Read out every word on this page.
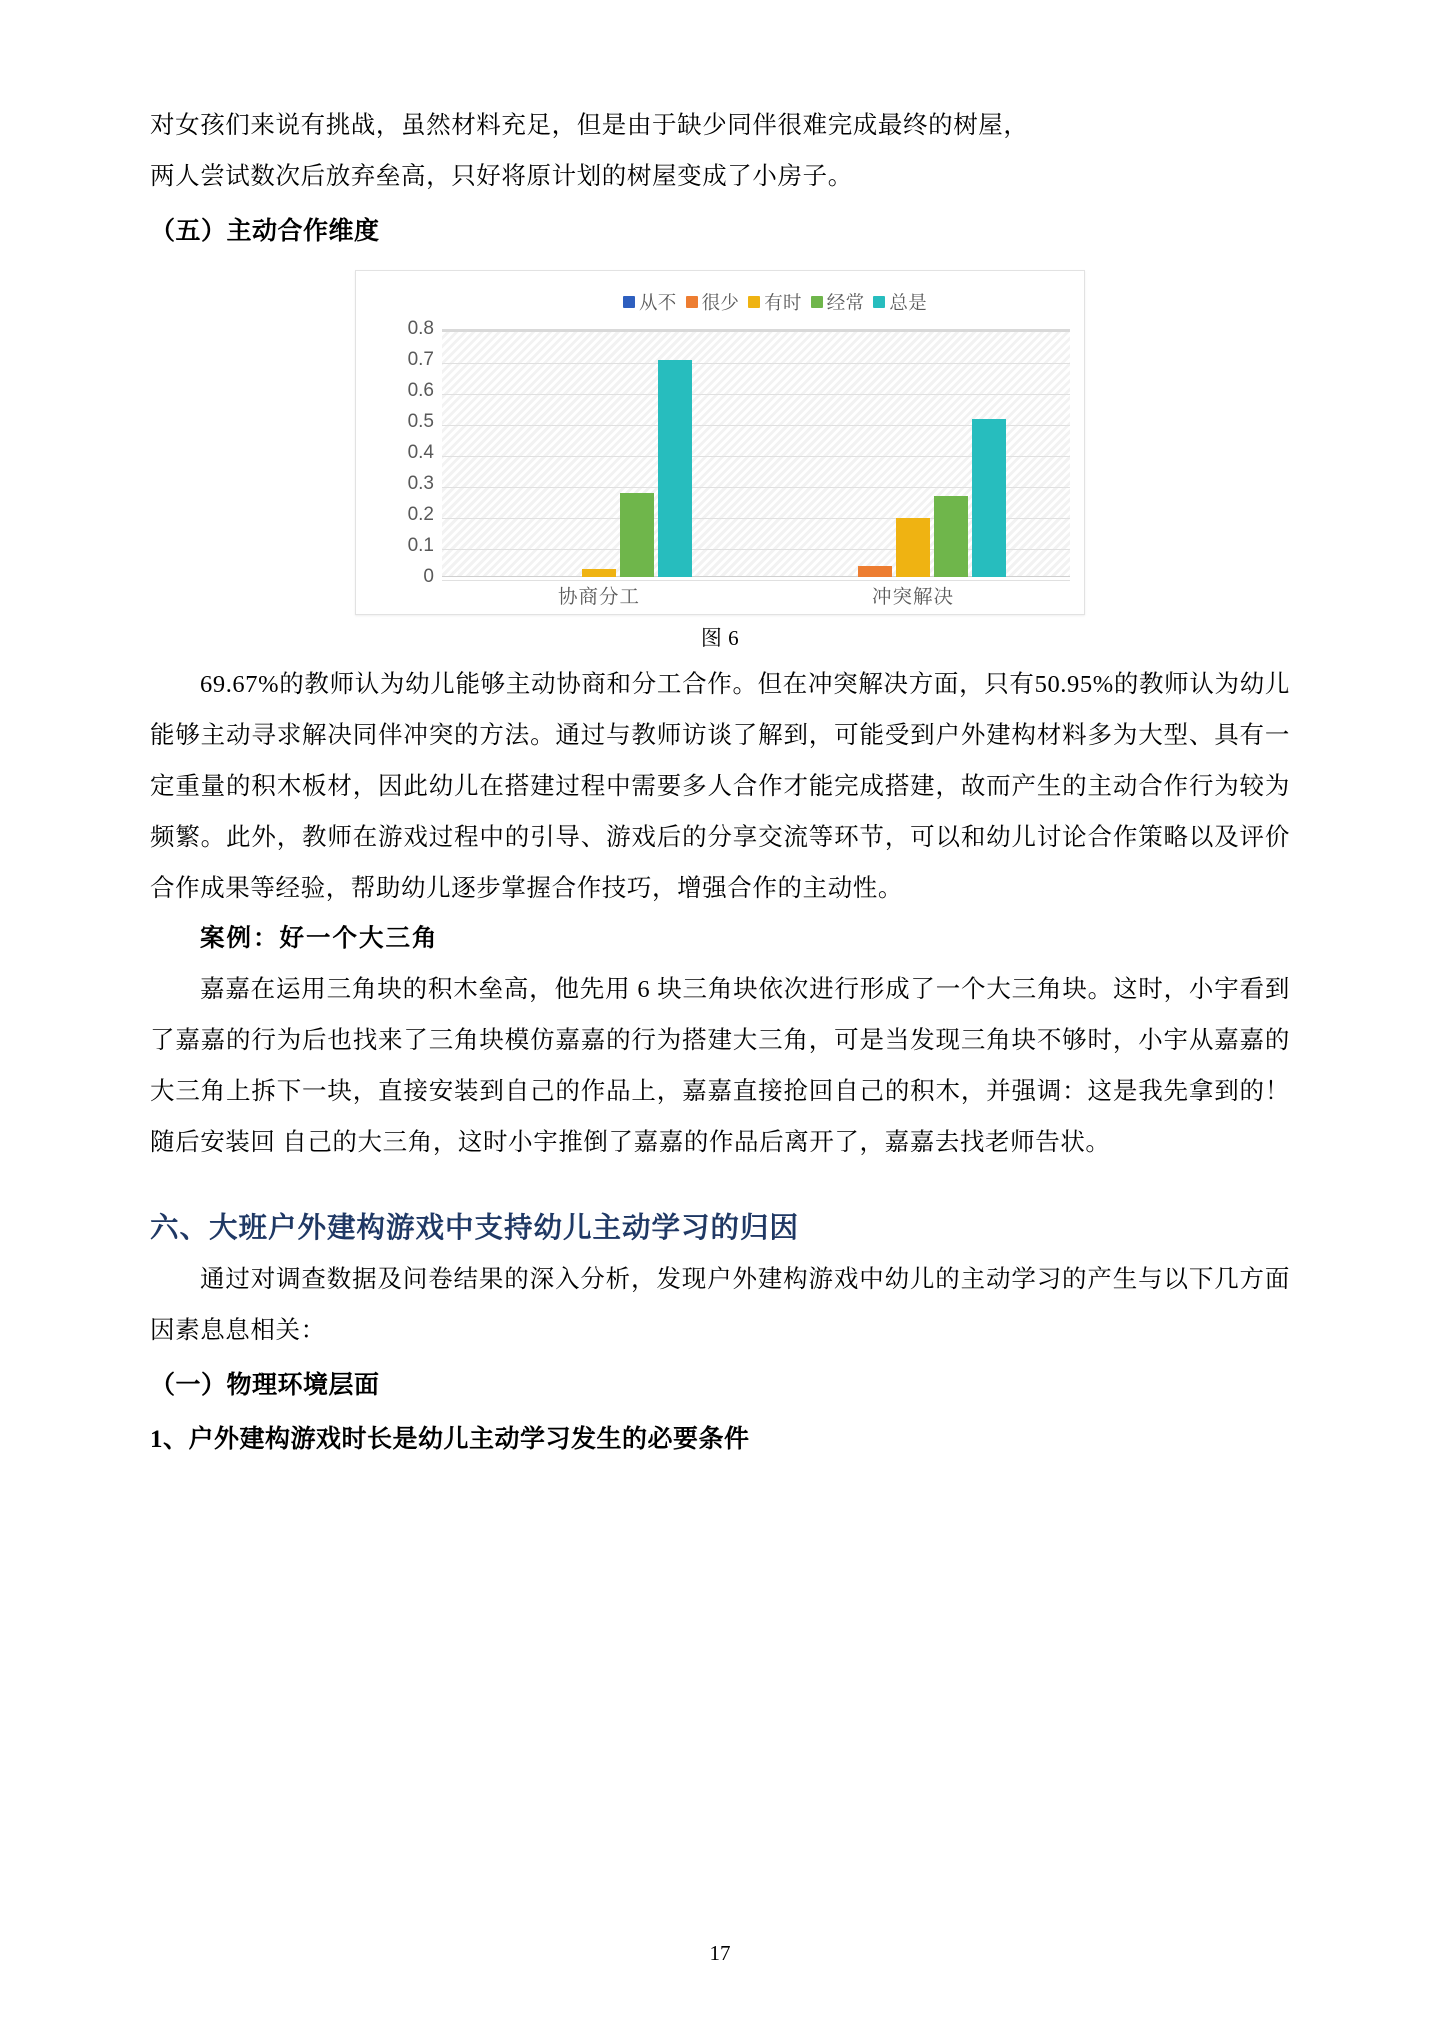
对女孩们来说有挑战，虽然材料充足，但是由于缺少同伴很难完成最终的树屋，

两人尝试数次后放弃垒高，只好将原计划的树屋变成了小房子。

（五）主动合作维度
从不 很少 有时 经常 总是
0.8
0.7
0.6
0.5
0.4
0.3
0.2
0.1
0
协商分工	冲突解决
图 6

69.67%的教师认为幼儿能够主动协商和分工合作。但在冲突解决方面，只有50.95%的教师认为幼儿能够主动寻求解决同伴冲突的方法。通过与教师访谈了解到，可能受到户外建构材料多为大型、具有一定重量的积木板材，因此幼儿在搭建过程中需要多人合作才能完成搭建，故而产生的主动合作行为较为频繁。此外，教师在游戏过程中的引导、游戏后的分享交流等环节，可以和幼儿讨论合作策略以及评价合作成果等经验，帮助幼儿逐步掌握合作技巧，增强合作的主动性。

案例：好一个大三角

嘉嘉在运用三角块的积木垒高，他先用 6 块三角块依次进行形成了一个大三角块。这时，小宇看到了嘉嘉的行为后也找来了三角块模仿嘉嘉的行为搭建大三角，可是当发现三角块不够时，小宇从嘉嘉的大三角上拆下一块，直接安装到自己的作品上，嘉嘉直接抢回自己的积木，并强调：这是我先拿到的！随后安装回 自己的大三角，这时小宇推倒了嘉嘉的作品后离开了，嘉嘉去找老师告状。

六、大班户外建构游戏中支持幼儿主动学习的归因

通过对调查数据及问卷结果的深入分析，发现户外建构游戏中幼儿的主动学习的产生与以下几方面因素息息相关：

（一）物理环境层面
1、户外建构游戏时长是幼儿主动学习发生的必要条件
17
